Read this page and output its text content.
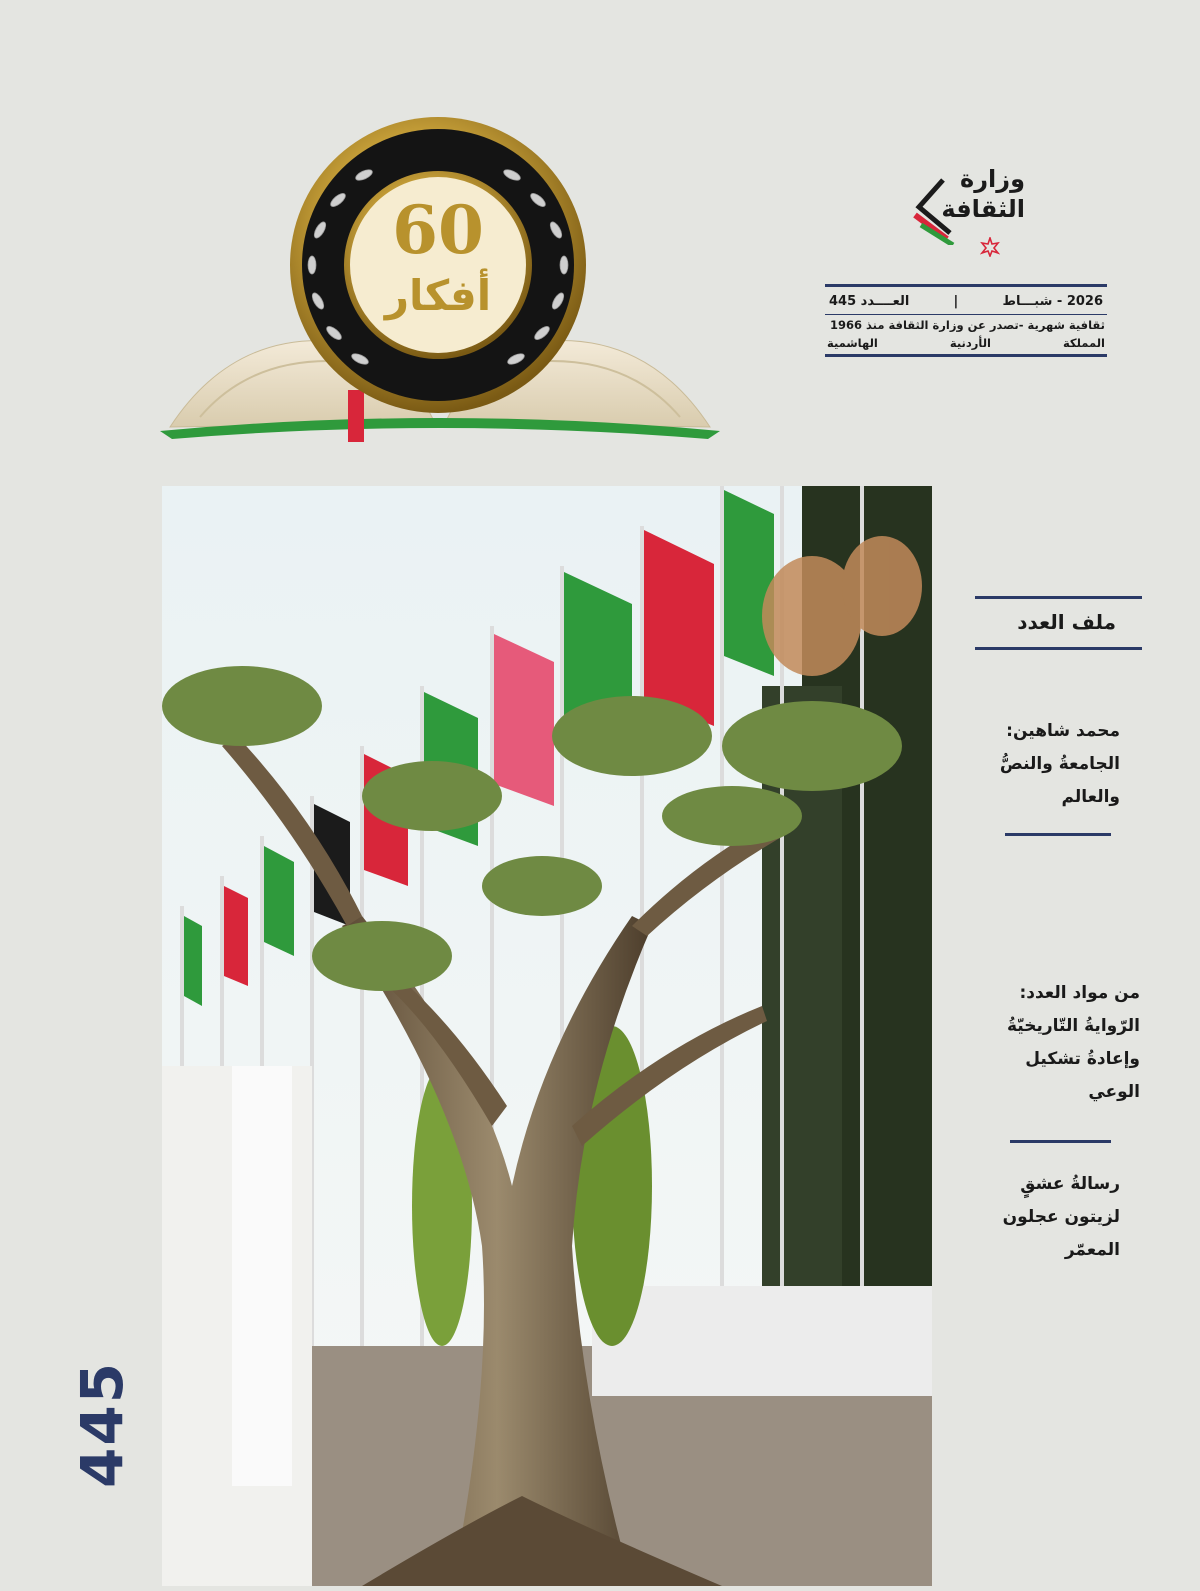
60
أفكار
وزارة
الثقافة
2026 - شبـــاط
|
العــــدد 445
ثقافية شهرية -تصدر عن وزارة الثقافة منذ 1966
المملكة الأردنية الهاشمية
445
ملف العدد
محمد شاهين:
الجامعةُ والنصُّ
والعالم
من مواد العدد:
الرّوايةُ التّاريخيّةُ
وإعادةُ تشكيل
الوعي
رسالةُ عشقٍ
لزيتون عجلون
المعمّر
